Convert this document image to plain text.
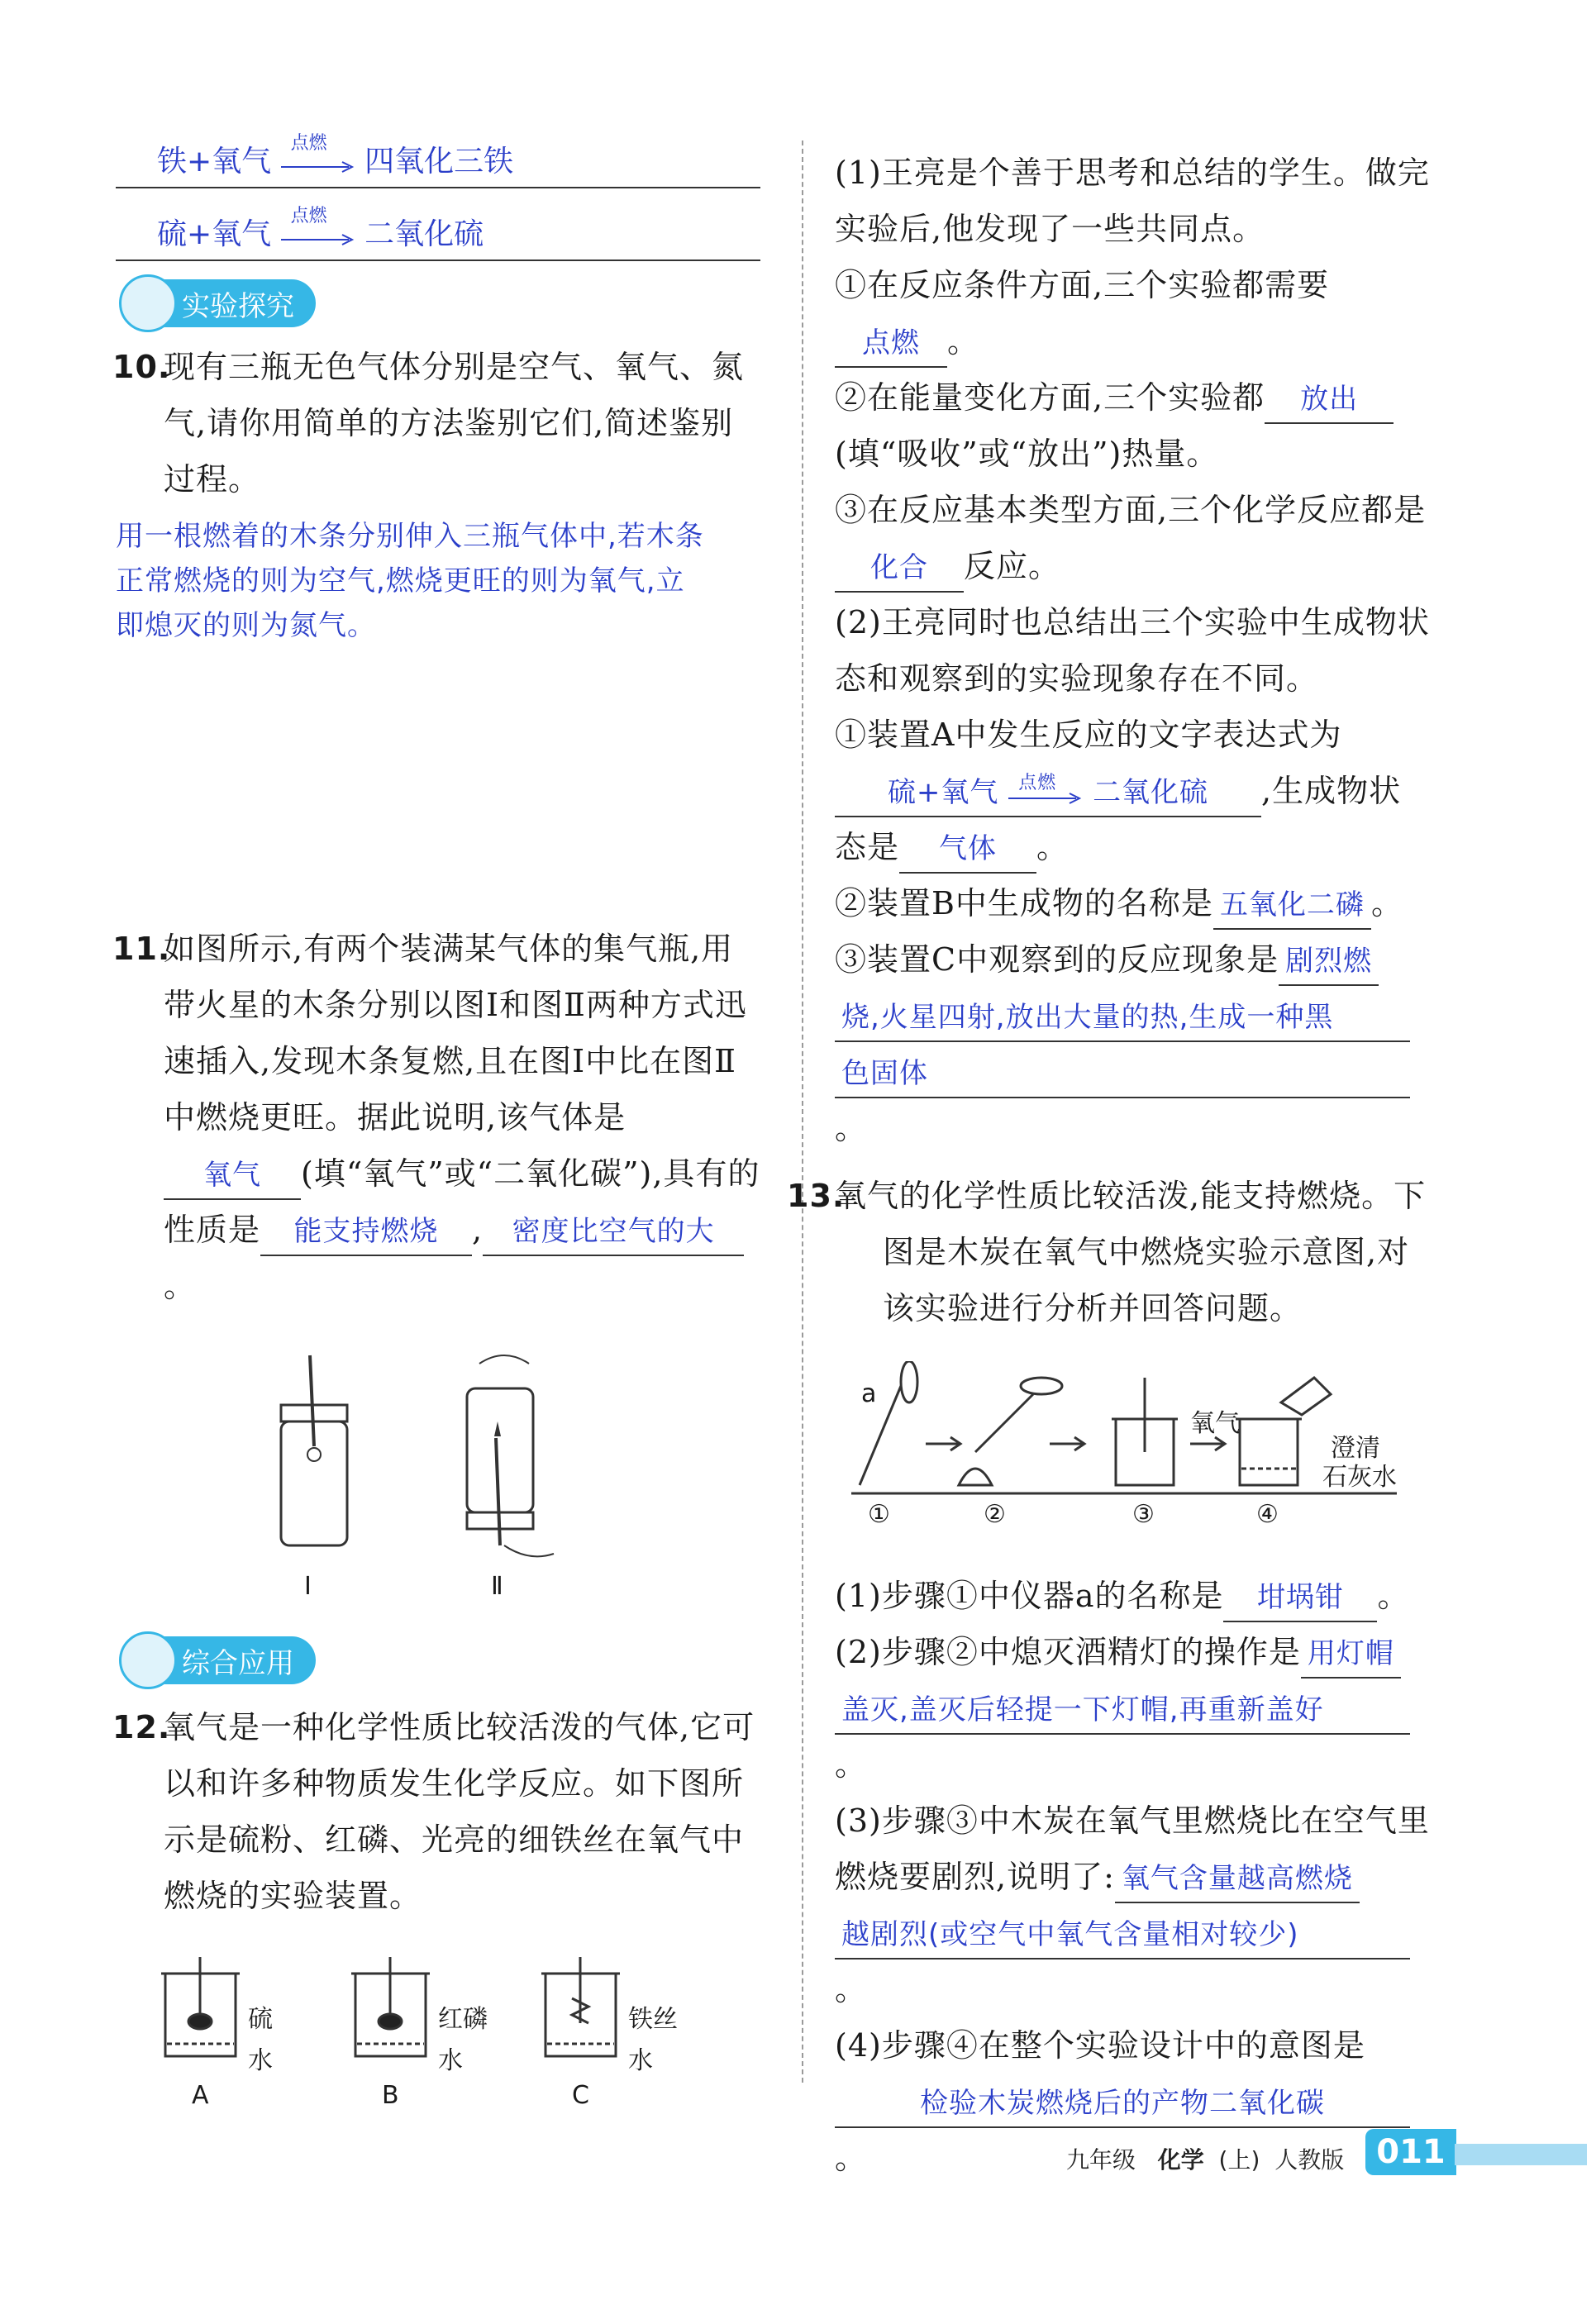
铁+氧气
点燃
四氧化三铁
硫+氧气
点燃
二氧化硫
实验探究
10.
现有三瓶无色气体分别是空气、氧气、氮气,请你用简单的方法鉴别它们,简述鉴别过程。
用一根燃着的木条分别伸入三瓶气体中,若木条正常燃烧的则为空气,燃烧更旺的则为氧气,立即熄灭的则为氮气。
11.
如图所示,有两个装满某气体的集气瓶,用带火星的木条分别以图Ⅰ和图Ⅱ两种方式迅速插入,发现木条复燃,且在图Ⅰ中比在图Ⅱ中燃烧更旺。据此说明,该气体是氧气 (填“氧气”或“二氧化碳”),具有的性质是 能支持燃烧 , 密度比空气的大。
Ⅰ	Ⅱ
综合应用
12.
氧气是一种化学性质比较活泼的气体,它可以和许多种物质发生化学反应。如下图所示是硫粉、红磷、光亮的细铁丝在氧气中燃烧的实验装置。
硫
水
红磷
水
铁丝
水
A	B	C
(1)王亮是个善于思考和总结的学生。做完实验后,他发现了一些共同点。
①在反应条件方面,三个实验都需要点燃 。
②在能量变化方面,三个实验都 放出(填“吸收”或“放出”)热量。
③在反应基本类型方面,三个化学反应都是化合 反应。
(2)王亮同时也总结出三个实验中生成物状态和观察到的实验现象存在不同。
①装置A中发生反应的文字表达式为
硫+氧气 点燃 二氧化硫 ,生成物状态是 气体 。
②装置B中生成物的名称是 五氧化二磷 。
③装置C中观察到的反应现象是 剧烈燃
烧,火星四射,放出大量的热,生成一种黑
色固体。
13.
氧气的化学性质比较活泼,能支持燃烧。下图是木炭在氧气中燃烧实验示意图,对该实验进行分析并回答问题。
a
氧气
澄清
石灰水
①	②	③	④
(1)步骤①中仪器a的名称是 坩埚钳 。
(2)步骤②中熄灭酒精灯的操作是 用灯帽
盖灭,盖灭后轻提一下灯帽,再重新盖好。
(3)步骤③中木炭在氧气里燃烧比在空气里燃烧要剧烈,说明了: 氧气含量越高燃烧
越剧烈(或空气中氧气含量相对较少)。
(4)步骤④在整个实验设计中的意图是
检验木炭燃烧后的产物二氧化碳。	九年级 化学 (上) 人教版 011
